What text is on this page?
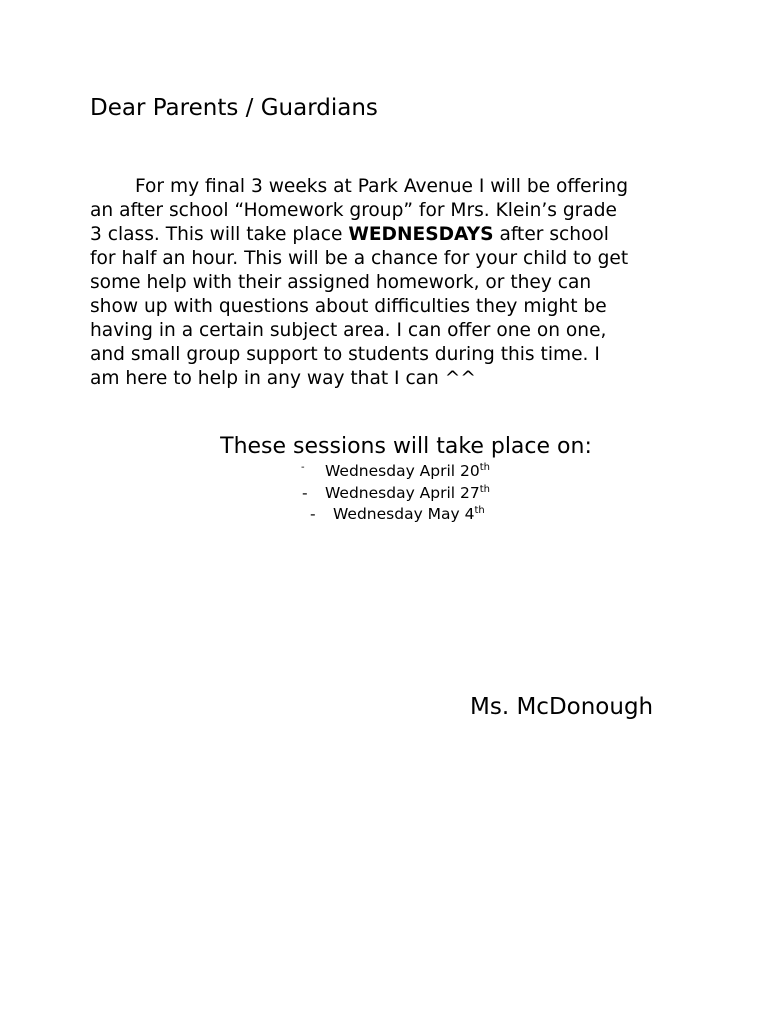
Dear Parents / Guardians
For my final 3 weeks at Park Avenue I will be offering
an after school “Homework group” for Mrs. Klein’s grade
3 class. This will take place WEDNESDAYS after school
for half an hour. This will be a chance for your child to get
some help with their assigned homework, or they can
show up with questions about difficulties they might be
having in a certain subject area. I can offer one on one,
and small group support to students during this time. I
am here to help in any way that I can ^^
These sessions will take place on:
- Wednesday April 20th
- Wednesday April 27th
- Wednesday May 4th
Ms. McDonough
